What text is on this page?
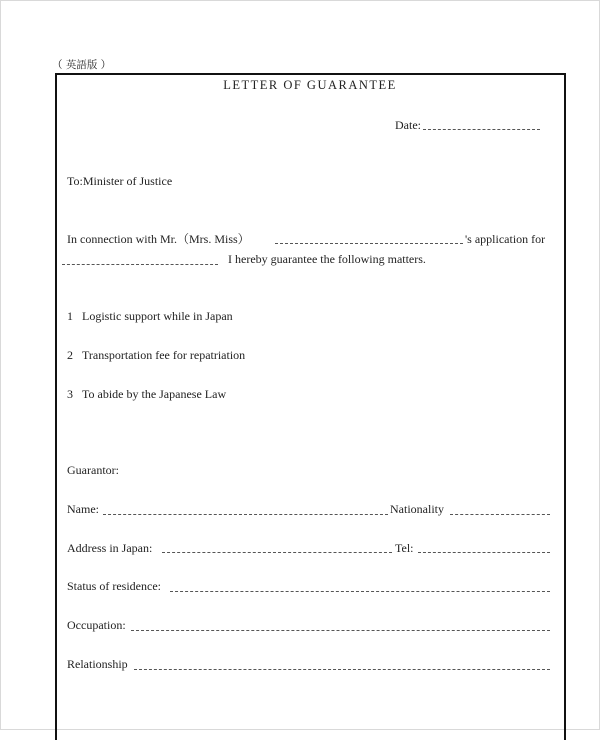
（ 英語版 ）
LETTER OF GUARANTEE
Date:
To:Minister of Justice
In connection with Mr.（Mrs. Miss）	's application for
I hereby guarantee the following matters.
1 Logistic support while in Japan
2 Transportation fee for repatriation
3 To abide by the Japanese Law
Guarantor:
Name:	Nationality
Address in Japan:	Tel:
Status of residence:
Occupation:
Relationship
